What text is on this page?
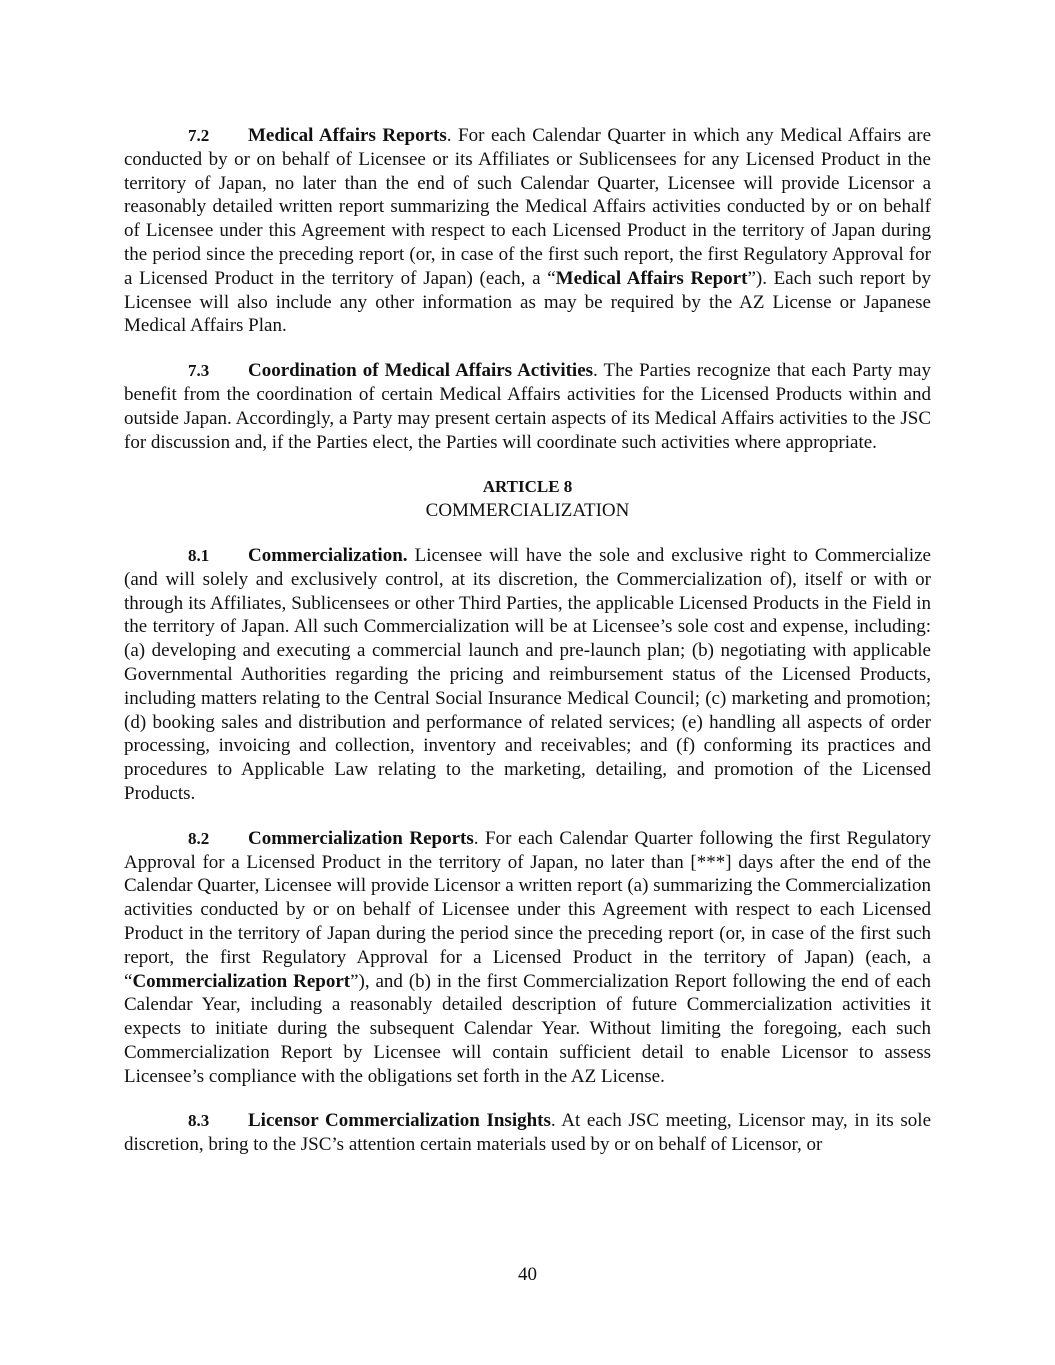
7.2 Medical Affairs Reports. For each Calendar Quarter in which any Medical Affairs are conducted by or on behalf of Licensee or its Affiliates or Sublicensees for any Licensed Product in the territory of Japan, no later than the end of such Calendar Quarter, Licensee will provide Licensor a reasonably detailed written report summarizing the Medical Affairs activities conducted by or on behalf of Licensee under this Agreement with respect to each Licensed Product in the territory of Japan during the period since the preceding report (or, in case of the first such report, the first Regulatory Approval for a Licensed Product in the territory of Japan) (each, a “Medical Affairs Report”). Each such report by Licensee will also include any other information as may be required by the AZ License or Japanese Medical Affairs Plan.

7.3 Coordination of Medical Affairs Activities. The Parties recognize that each Party may benefit from the coordination of certain Medical Affairs activities for the Licensed Products within and outside Japan. Accordingly, a Party may present certain aspects of its Medical Affairs activities to the JSC for discussion and, if the Parties elect, the Parties will coordinate such activities where appropriate.

ARTICLE 8
COMMERCIALIZATION

8.1 Commercialization. Licensee will have the sole and exclusive right to Commercialize (and will solely and exclusively control, at its discretion, the Commercialization of), itself or with or through its Affiliates, Sublicensees or other Third Parties, the applicable Licensed Products in the Field in the territory of Japan. All such Commercialization will be at Licensee’s sole cost and expense, including: (a) developing and executing a commercial launch and pre-launch plan; (b) negotiating with applicable Governmental Authorities regarding the pricing and reimbursement status of the Licensed Products, including matters relating to the Central Social Insurance Medical Council; (c) marketing and promotion; (d) booking sales and distribution and performance of related services; (e) handling all aspects of order processing, invoicing and collection, inventory and receivables; and (f) conforming its practices and procedures to Applicable Law relating to the marketing, detailing, and promotion of the Licensed Products.

8.2 Commercialization Reports. For each Calendar Quarter following the first Regulatory Approval for a Licensed Product in the territory of Japan, no later than [***] days after the end of the Calendar Quarter, Licensee will provide Licensor a written report (a) summarizing the Commercialization activities conducted by or on behalf of Licensee under this Agreement with respect to each Licensed Product in the territory of Japan during the period since the preceding report (or, in case of the first such report, the first Regulatory Approval for a Licensed Product in the territory of Japan) (each, a “Commercialization Report”), and (b) in the first Commercialization Report following the end of each Calendar Year, including a reasonably detailed description of future Commercialization activities it expects to initiate during the subsequent Calendar Year. Without limiting the foregoing, each such Commercialization Report by Licensee will contain sufficient detail to enable Licensor to assess Licensee’s compliance with the obligations set forth in the AZ License.

8.3 Licensor Commercialization Insights. At each JSC meeting, Licensor may, in its sole discretion, bring to the JSC’s attention certain materials used by or on behalf of Licensor, or

40
